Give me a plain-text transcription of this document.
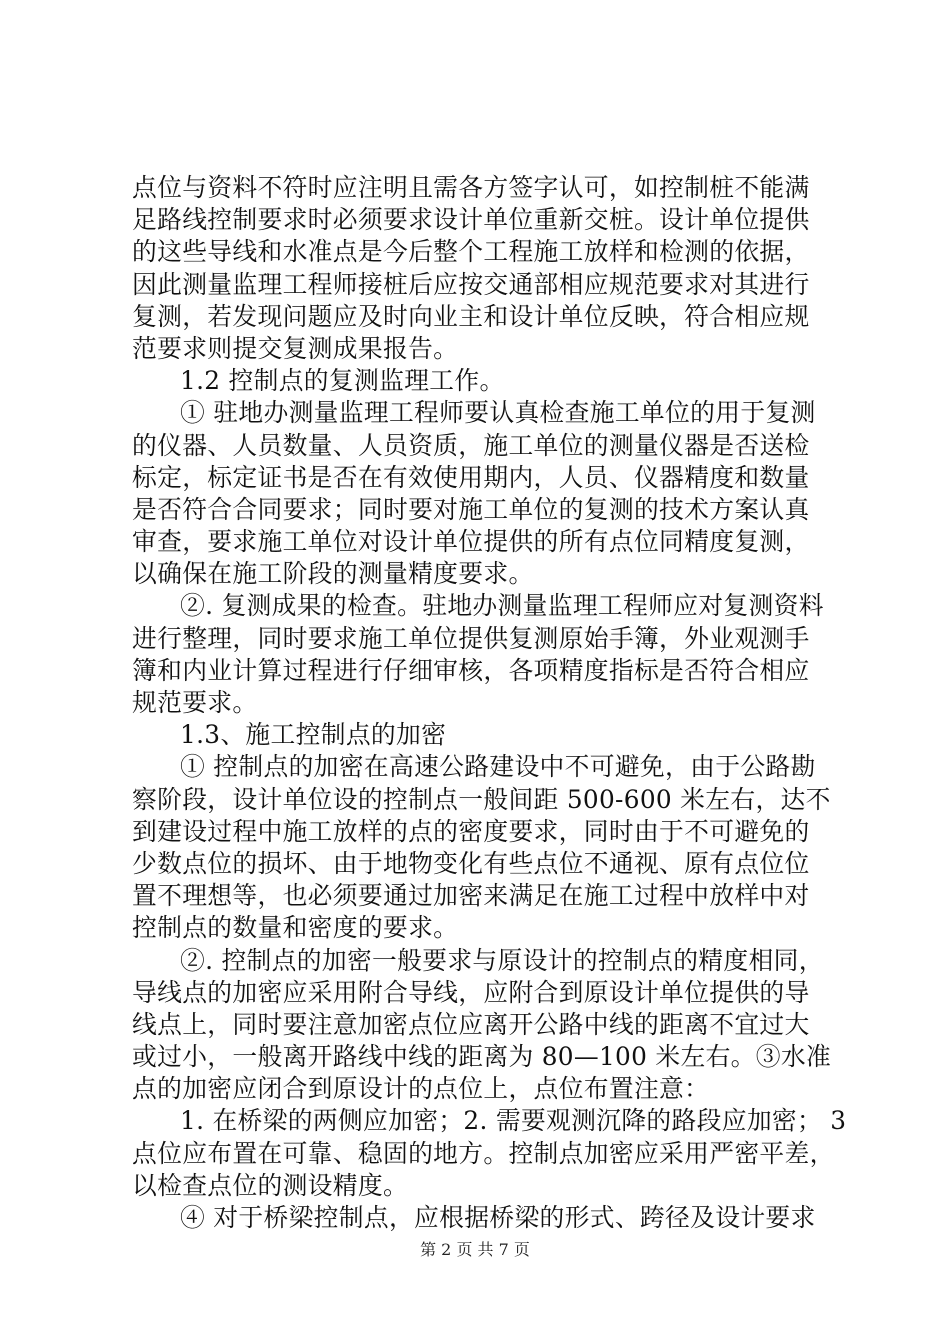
点位与资料不符时应注明且需各方签字认可，如控制桩不能满
足路线控制要求时必须要求设计单位重新交桩。设计单位提供
的这些导线和水准点是今后整个工程施工放样和检测的依据，
因此测量监理工程师接桩后应按交通部相应规范要求对其进行
复测，若发现问题应及时向业主和设计单位反映，符合相应规
范要求则提交复测成果报告。
1.2 控制点的复测监理工作。
① 驻地办测量监理工程师要认真检查施工单位的用于复测
的仪器、人员数量、人员资质，施工单位的测量仪器是否送检
标定，标定证书是否在有效使用期内，人员、仪器精度和数量
是否符合合同要求；同时要对施工单位的复测的技术方案认真
审查，要求施工单位对设计单位提供的所有点位同精度复测，
以确保在施工阶段的测量精度要求。
②. 复测成果的检查。驻地办测量监理工程师应对复测资料
进行整理，同时要求施工单位提供复测原始手簿，外业观测手
簿和内业计算过程进行仔细审核，各项精度指标是否符合相应
规范要求。
1.3、施工控制点的加密
① 控制点的加密在高速公路建设中不可避免，由于公路勘
察阶段，设计单位设的控制点一般间距 500-600 米左右，达不
到建设过程中施工放样的点的密度要求，同时由于不可避免的
少数点位的损坏、由于地物变化有些点位不通视、原有点位位
置不理想等，也必须要通过加密来满足在施工过程中放样中对
控制点的数量和密度的要求。
②. 控制点的加密一般要求与原设计的控制点的精度相同，
导线点的加密应采用附合导线，应附合到原设计单位提供的导
线点上，同时要注意加密点位应离开公路中线的距离不宜过大
或过小，一般离开路线中线的距离为 80—100 米左右。③水准
点的加密应闭合到原设计的点位上，点位布置注意：
1. 在桥梁的两侧应加密；2. 需要观测沉降的路段应加密； 3
点位应布置在可靠、稳固的地方。控制点加密应采用严密平差，
以检查点位的测设精度。
④ 对于桥梁控制点，应根据桥梁的形式、跨径及设计要求
第 2 页 共 7 页
